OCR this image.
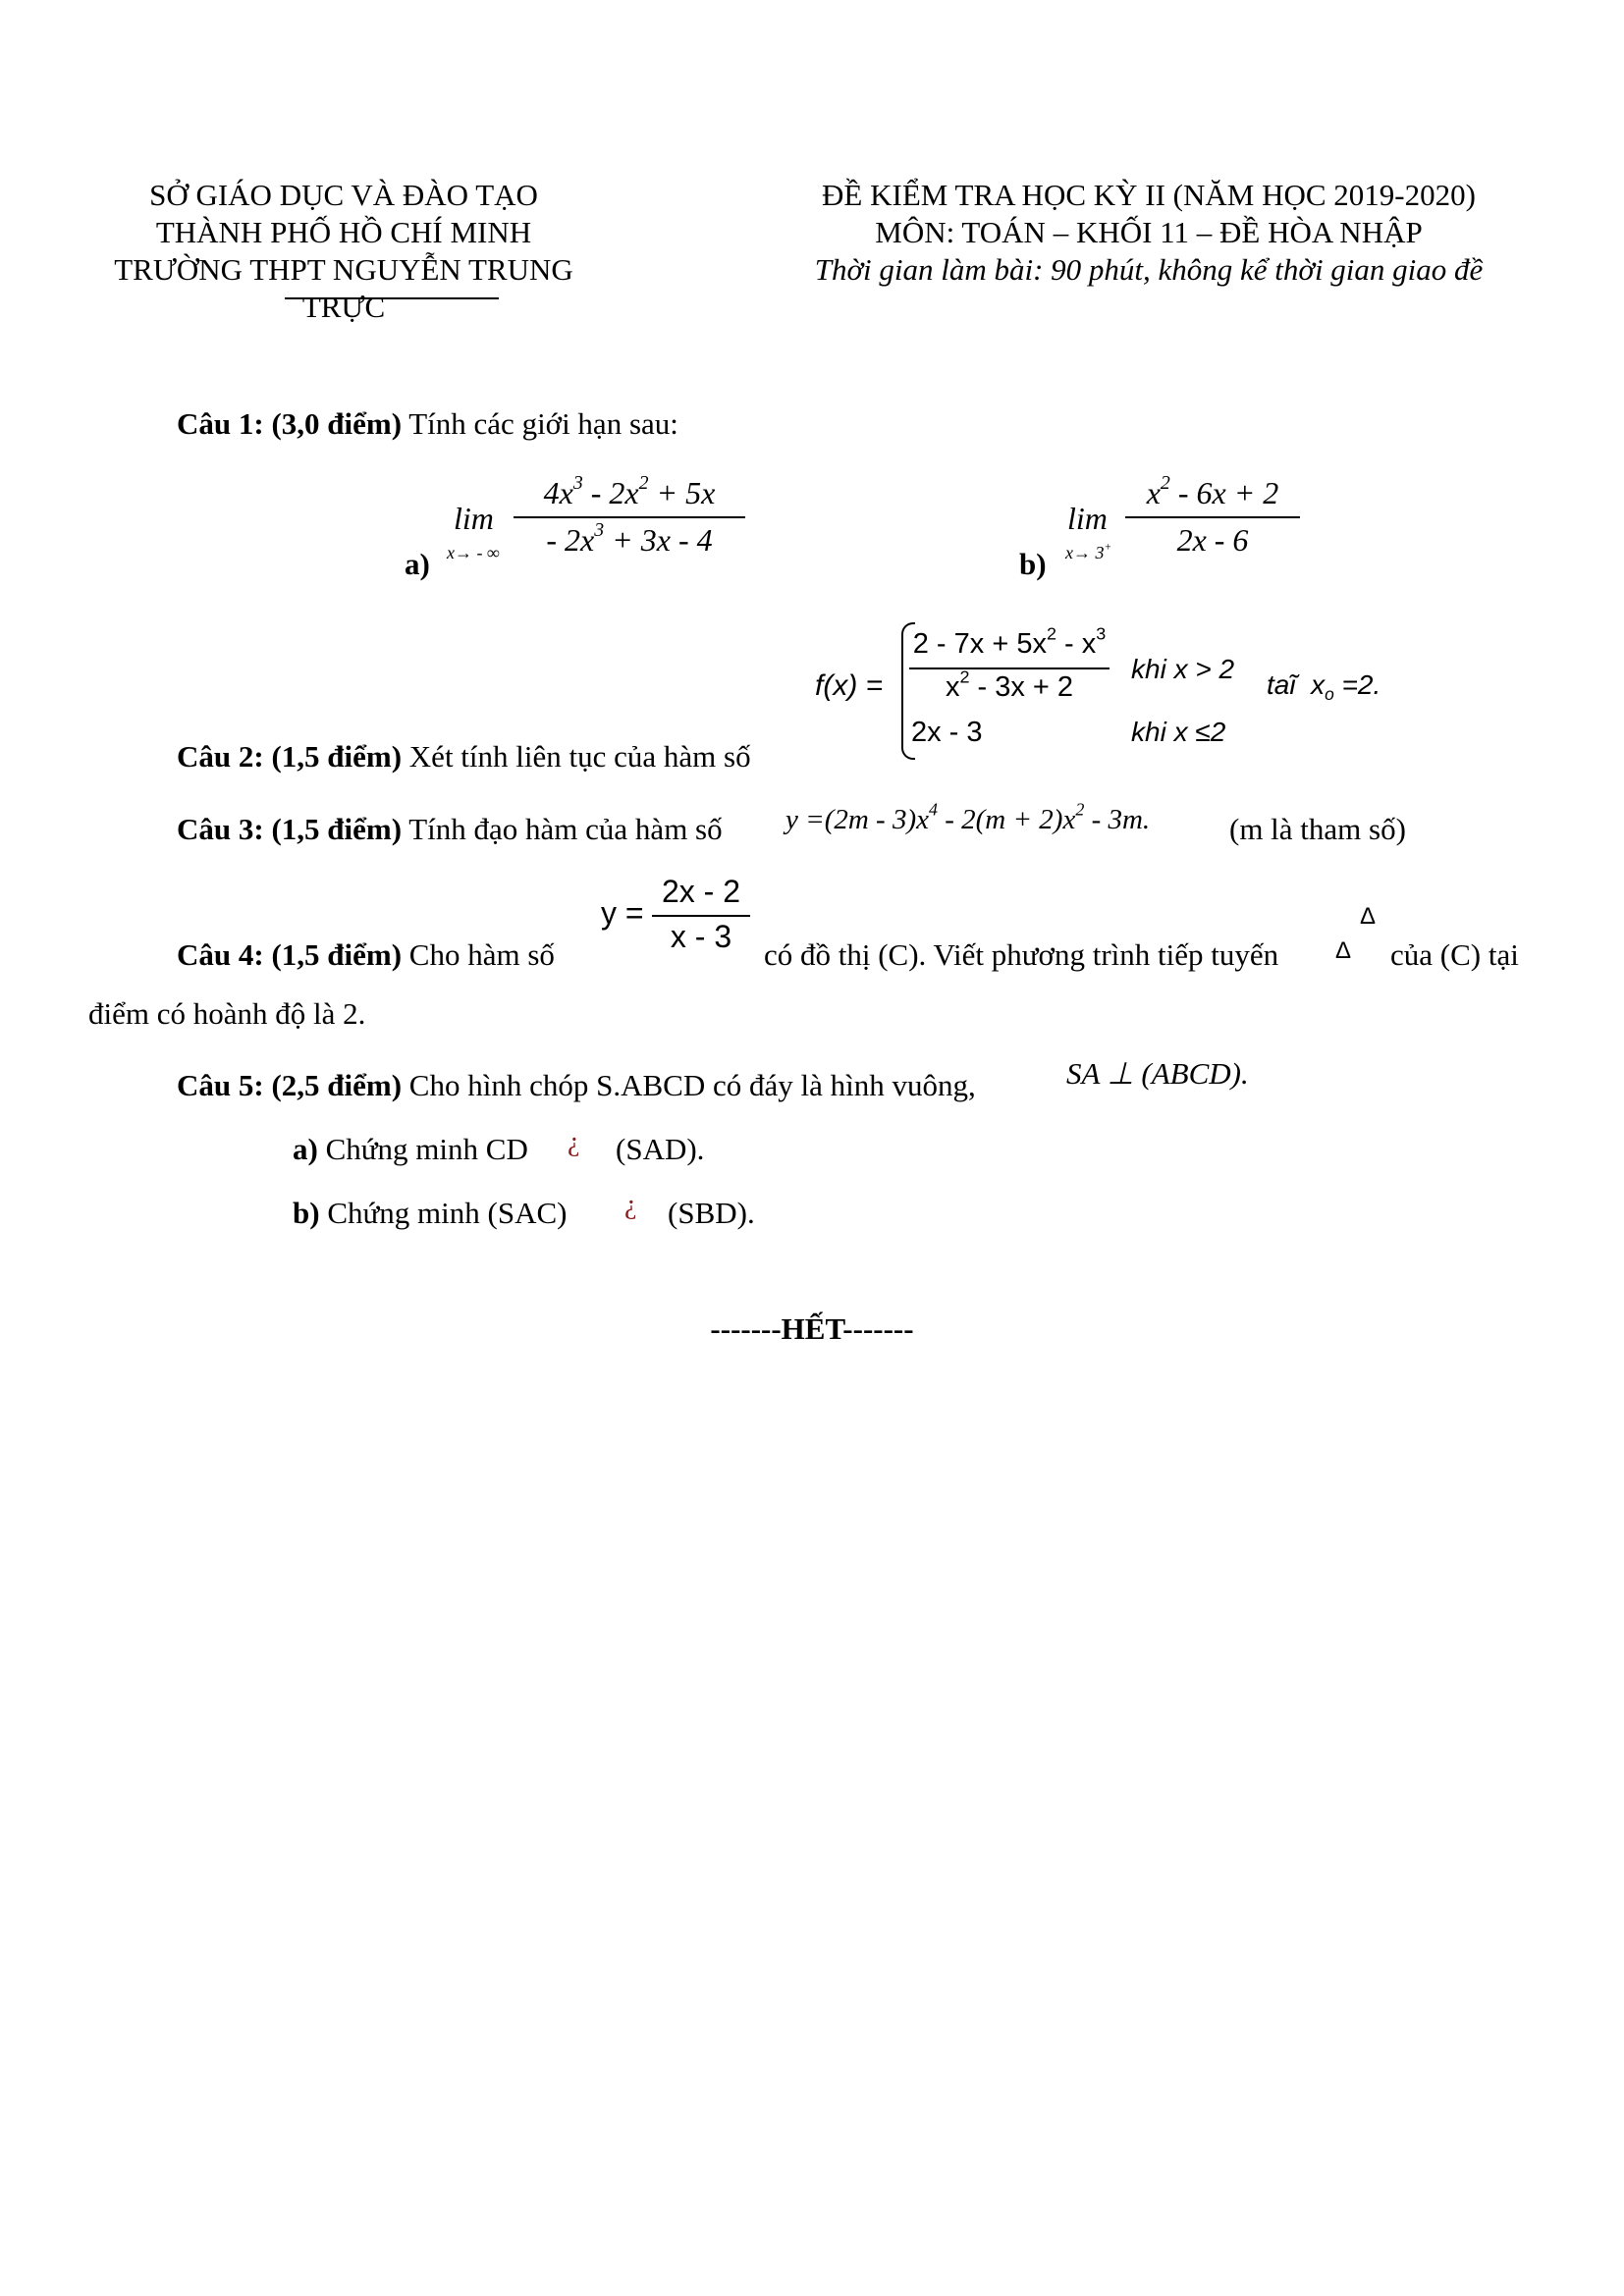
SỞ GIÁO DỤC VÀ ĐÀO TẠO
THÀNH PHỐ HỒ CHÍ MINH
TRƯỜNG THPT NGUYỄN TRUNG TRỰC
ĐỀ KIỂM TRA HỌC KỲ II (NĂM HỌC 2019-2020)
MÔN: TOÁN – KHỐI 11 – ĐỀ HÒA NHẬP
Thời gian làm bài: 90 phút, không kể thời gian giao đề
Câu 1: (3,0 điểm) Tính các giới hạn sau:
a)
lim
x→ - ∞
$4x^3 - 2x^2 + 5x$
- $2x^3 + 3x - 4$
b)
lim
x→ 3+
$x^2 - 6x + 2$
2x - 6
Câu 2: (1,5 điểm) Xét tính liên tục của hàm số
f(x) =
$2 - 7x + 5x^2 - x^3$
$x^2 - 3x + 2$
khi x > 2
2x - 3	khi x ≤2
taĩ $x_o =2$.
Câu 3: (1,5 điểm) Tính đạo hàm của hàm số $y =(2m - 3)x^4 - 2(m + 2)x^2 - 3m$.	(m là tham số)
y =
2x - 2
x - 3
Câu 4: (1,5 điểm) Cho hàm số	có đồ thị (C). Viết phương trình tiếp tuyến
Δ
Δ của (C) tại
điểm có hoành độ là 2.
Câu 5: (2,5 điểm) Cho hình chóp S.ABCD có đáy là hình vuông,	SA ⊥ (ABCD).
a) Chứng minh CD ¿ (SAD).
b) Chứng minh (SAC) ¿ (SBD).
-------HẾT-------
